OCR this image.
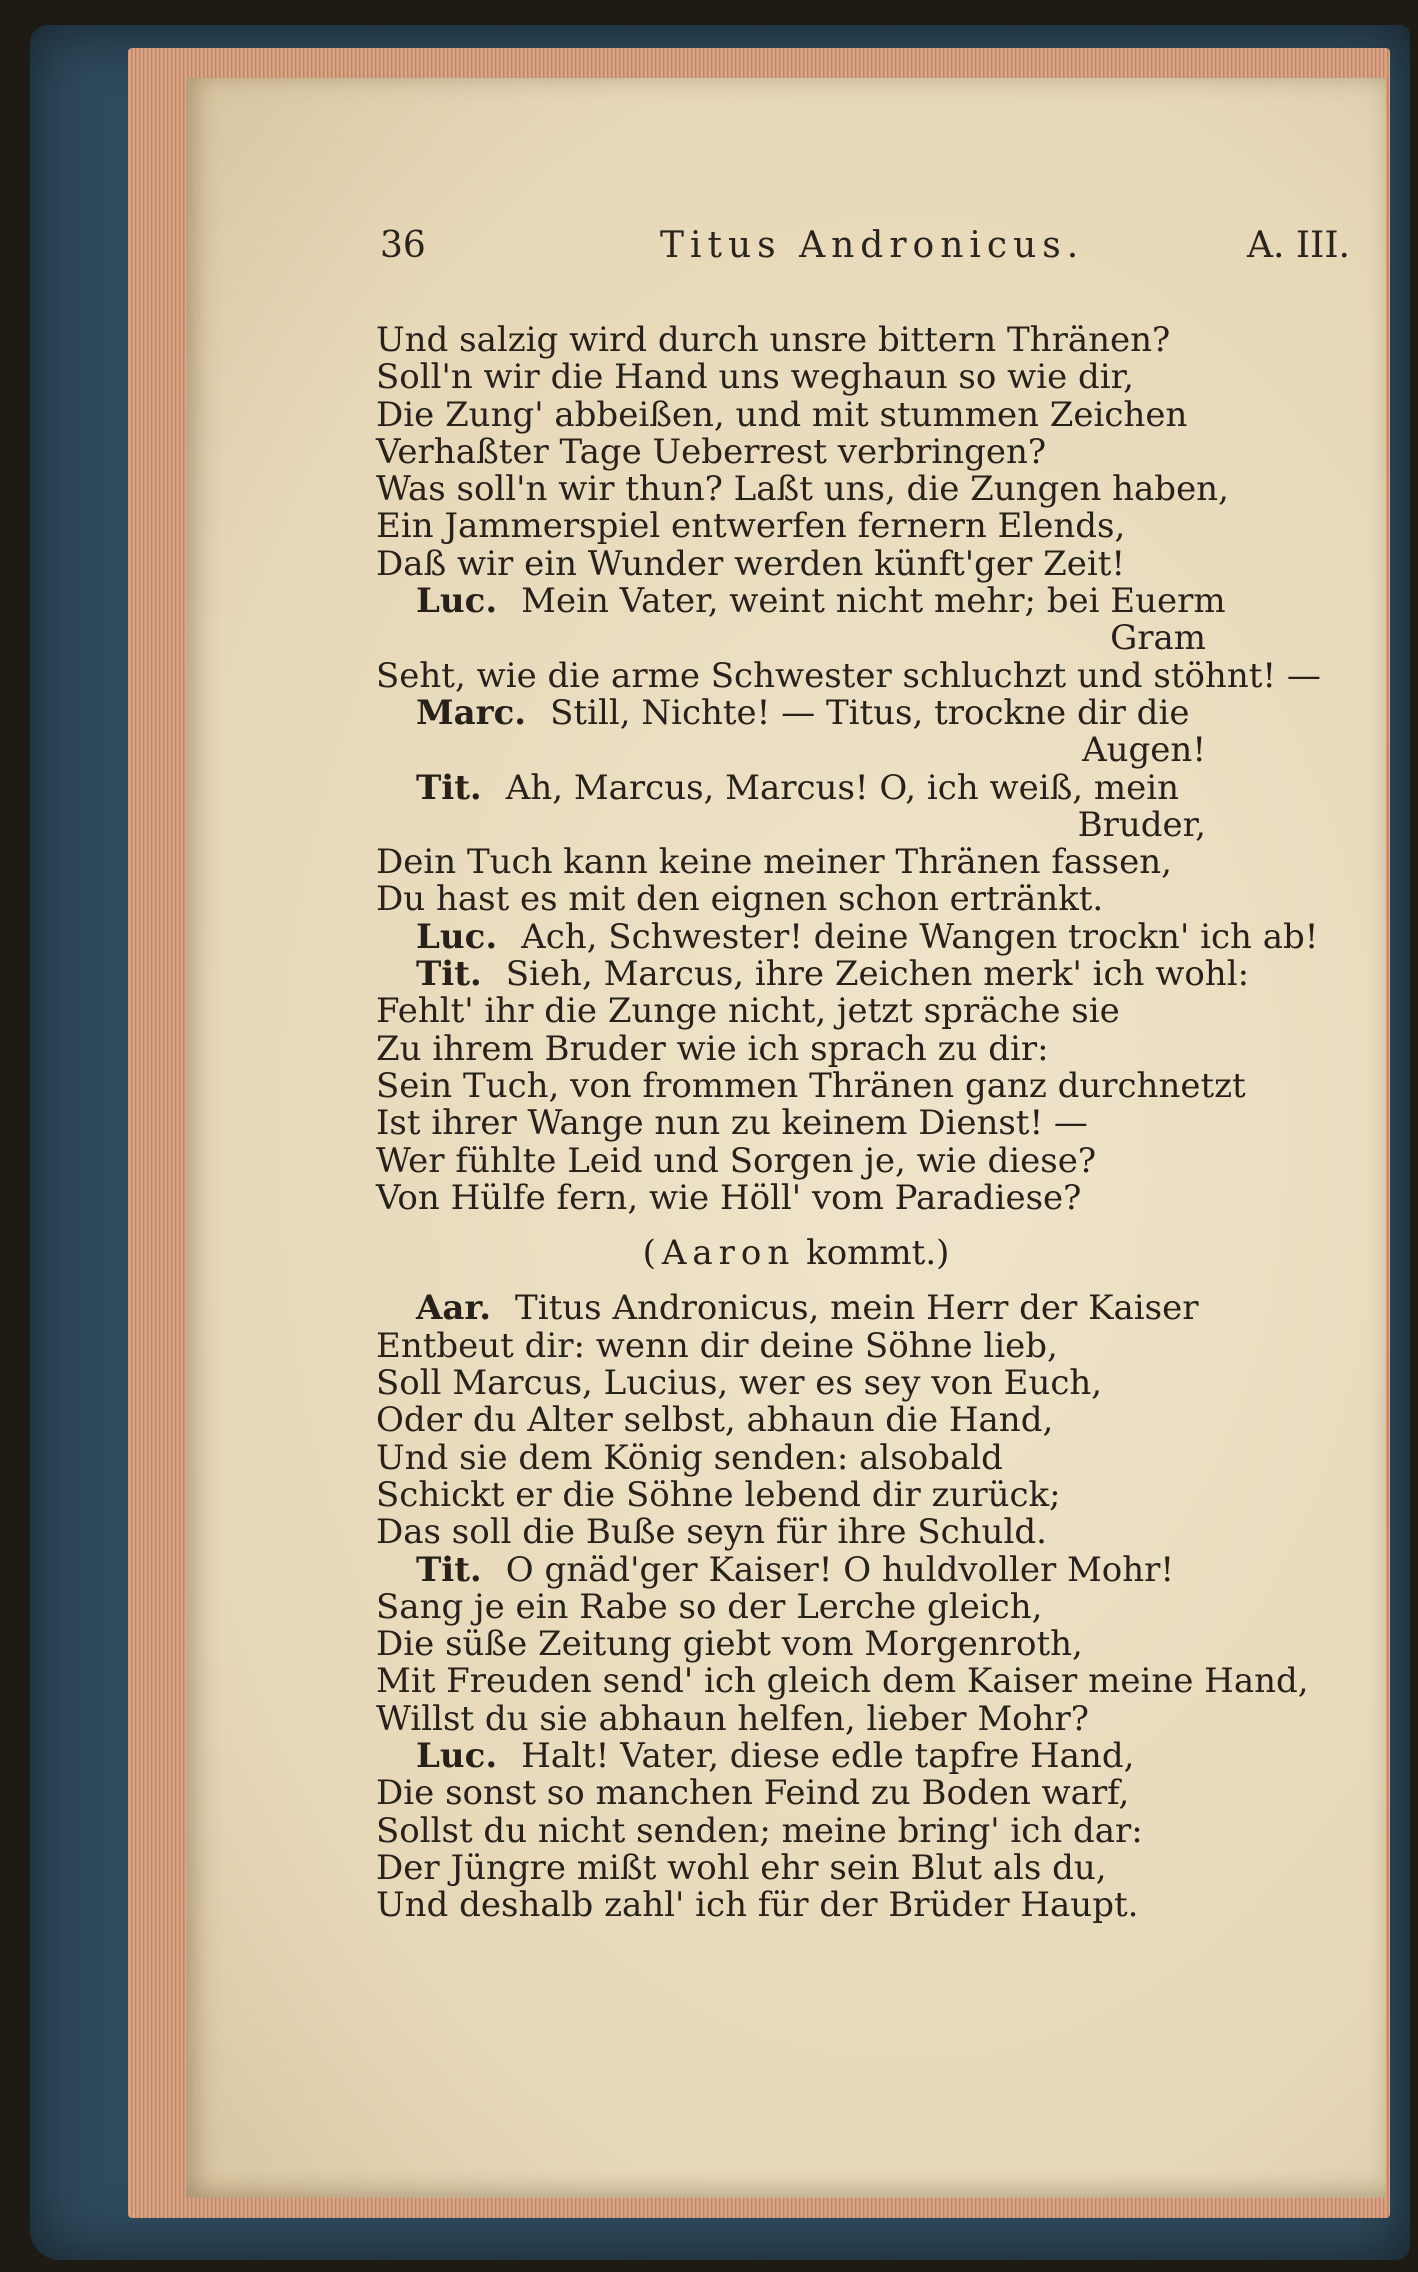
36	Titus Andronicus.	A. III.
Und salzig wird durch unsre bittern Thränen?
Soll'n wir die Hand uns weghaun so wie dir,
Die Zung' abbeißen, und mit stummen Zeichen
Verhaßter Tage Ueberrest verbringen?
Was soll'n wir thun? Laßt uns, die Zungen haben,
Ein Jammerspiel entwerfen fernern Elends,
Daß wir ein Wunder werden künft'ger Zeit!
Luc. Mein Vater, weint nicht mehr; bei Euerm
Gram
Seht, wie die arme Schwester schluchzt und stöhnt! —
Marc. Still, Nichte! — Titus, trockne dir die
Augen!
Tit. Ah, Marcus, Marcus! O, ich weiß, mein
Bruder,
Dein Tuch kann keine meiner Thränen fassen,
Du hast es mit den eignen schon ertränkt.
Luc. Ach, Schwester! deine Wangen trockn' ich ab!
Tit. Sieh, Marcus, ihre Zeichen merk' ich wohl:
Fehlt' ihr die Zunge nicht, jetzt spräche sie
Zu ihrem Bruder wie ich sprach zu dir:
Sein Tuch, von frommen Thränen ganz durchnetzt
Ist ihrer Wange nun zu keinem Dienst! —
Wer fühlte Leid und Sorgen je, wie diese?
Von Hülfe fern, wie Höll' vom Paradiese?
(Aaron kommt.)
Aar. Titus Andronicus, mein Herr der Kaiser
Entbeut dir: wenn dir deine Söhne lieb,
Soll Marcus, Lucius, wer es sey von Euch,
Oder du Alter selbst, abhaun die Hand,
Und sie dem König senden: alsobald
Schickt er die Söhne lebend dir zurück;
Das soll die Buße seyn für ihre Schuld.
Tit. O gnäd'ger Kaiser! O huldvoller Mohr!
Sang je ein Rabe so der Lerche gleich,
Die süße Zeitung giebt vom Morgenroth,
Mit Freuden send' ich gleich dem Kaiser meine Hand,
Willst du sie abhaun helfen, lieber Mohr?
Luc. Halt! Vater, diese edle tapfre Hand,
Die sonst so manchen Feind zu Boden warf,
Sollst du nicht senden; meine bring' ich dar:
Der Jüngre mißt wohl ehr sein Blut als du,
Und deshalb zahl' ich für der Brüder Haupt.
